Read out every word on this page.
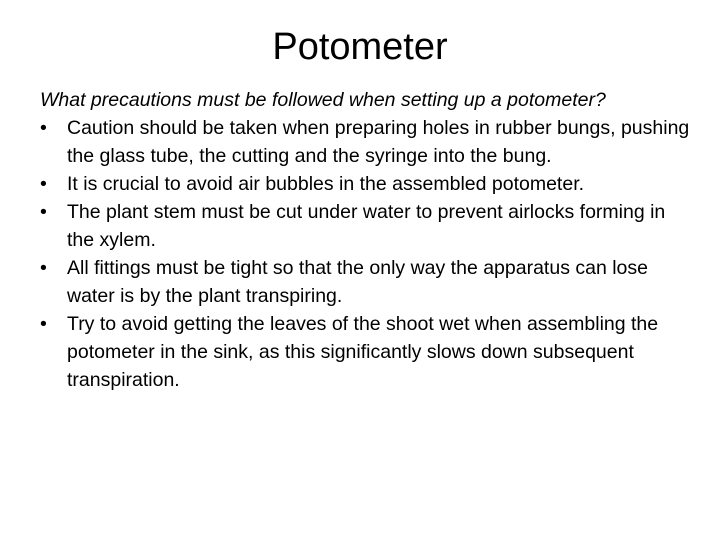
Potometer

What precautions must be followed when setting up a potometer?

•	Caution should be taken when preparing holes in rubber bungs, pushing the glass tube, the cutting and the syringe into the bung.
•	It is crucial to avoid air bubbles in the assembled potometer.
•	The plant stem must be cut under water to prevent airlocks forming in the xylem.
•	All fittings must be tight so that the only way the apparatus can lose water is by the plant transpiring.
•	Try to avoid getting the leaves of the shoot wet when assembling the potometer in the sink, as this significantly slows down subsequent transpiration.
